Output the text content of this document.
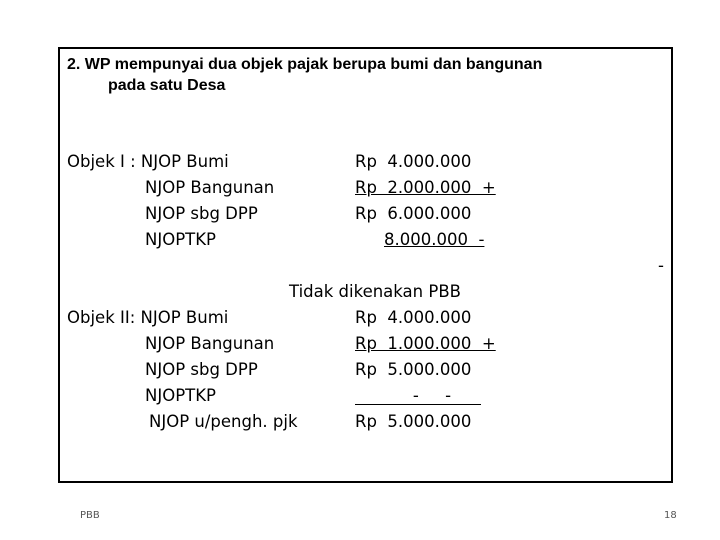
2. WP mempunyai dua objek pajak berupa bumi dan bangunan
pada satu Desa
Objek I : NJOP Bumi
NJOP Bangunan
NJOP sbg DPP
NJOPTKP
Rp  4.000.000
Rp  2.000.000  +
Rp  6.000.000
8.000.000  -
-
Tidak dikenakan PBB
Objek II: NJOP Bumi
NJOP Bangunan
NJOP sbg DPP
NJOPTKP
NJOP u/pengh. pjk
Rp  4.000.000
Rp  1.000.000  +
Rp  5.000.000
-     -
Rp  5.000.000
PBB	18
